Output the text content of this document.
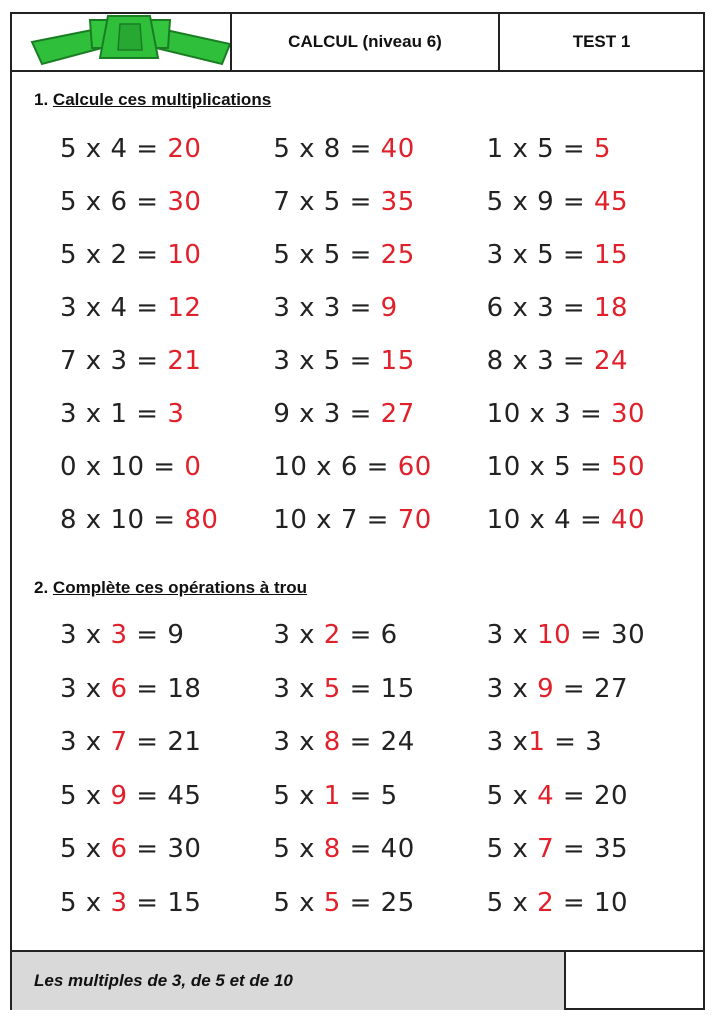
CALCUL (niveau 6)	TEST 1
1. Calcule ces multiplications
5 x 4 = 20	5 x 8 = 40	1 x 5 = 5
5 x 6 = 30	7 x 5 = 35	5 x 9 = 45
5 x 2 = 10	5 x 5 = 25	3 x 5 = 15
3 x 4 = 12	3 x 3 = 9	6 x 3 = 18
7 x 3 = 21	3 x 5 = 15	8 x 3 = 24
3 x 1 = 3	9 x 3 = 27	10 x 3 = 30
0 x 10 = 0	10 x 6 = 60	10 x 5 = 50
8 x 10 = 80	10 x 7 = 70	10 x 4 = 40
2. Complète ces opérations à trou
3 x 3 = 9	3 x 2 = 6	3 x 10 = 30
3 x 6 = 18	3 x 5 = 15	3 x 9 = 27
3 x 7 = 21	3 x 8 = 24	3 x1 = 3
5 x 9 = 45	5 x 1 = 5	5 x 4 = 20
5 x 6 = 30	5 x 8 = 40	5 x 7 = 35
5 x 3 = 15	5 x 5 = 25	5 x 2 = 10
Les multiples de 3, de 5 et de 10
